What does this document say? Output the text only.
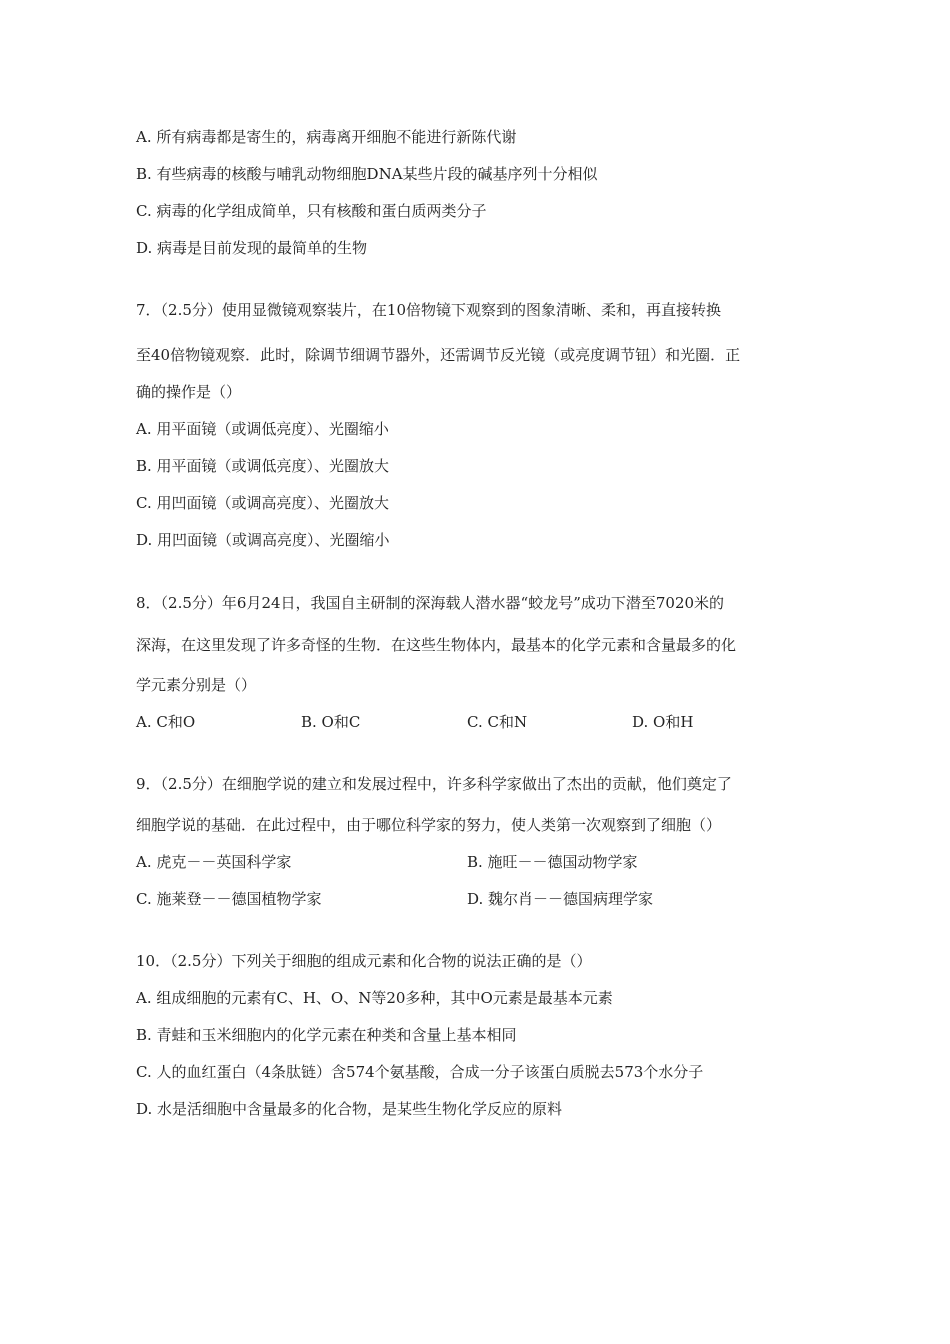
A. 所有病毒都是寄生的，病毒离开细胞不能进行新陈代谢
B. 有些病毒的核酸与哺乳动物细胞DNA某些片段的碱基序列十分相似
C. 病毒的化学组成简单，只有核酸和蛋白质两类分子
D. 病毒是目前发现的最简单的生物
7．（2.5分）使用显微镜观察装片，在10倍物镜下观察到的图象清晰、柔和，再直接转换
至40倍物镜观察．此时，除调节细调节器外，还需调节反光镜（或亮度调节钮）和光圈．正
确的操作是（）
A. 用平面镜（或调低亮度）、光圈缩小
B. 用平面镜（或调低亮度）、光圈放大
C. 用凹面镜（或调高亮度）、光圈放大
D. 用凹面镜（或调高亮度）、光圈缩小
8．（2.5分）年6月24日，我国自主研制的深海载人潜水器“蛟龙号”成功下潜至7020米的
深海，在这里发现了许多奇怪的生物．在这些生物体内，最基本的化学元素和含量最多的化
学元素分别是（）
A. C和O	B. O和C	C. C和N	D. O和H
9．（2.5分）在细胞学说的建立和发展过程中，许多科学家做出了杰出的贡献，他们奠定了
细胞学说的基础．在此过程中，由于哪位科学家的努力，使人类第一次观察到了细胞（）
A. 虎克－－英国科学家	B. 施旺－－德国动物学家
C. 施莱登－－德国植物学家	D. 魏尔肖－－德国病理学家
10．（2.5分）下列关于细胞的组成元素和化合物的说法正确的是（）
A. 组成细胞的元素有C、H、O、N等20多种，其中O元素是最基本元素
B. 青蛙和玉米细胞内的化学元素在种类和含量上基本相同
C. 人的血红蛋白（4条肽链）含574个氨基酸，合成一分子该蛋白质脱去573个水分子
D. 水是活细胞中含量最多的化合物，是某些生物化学反应的原料
